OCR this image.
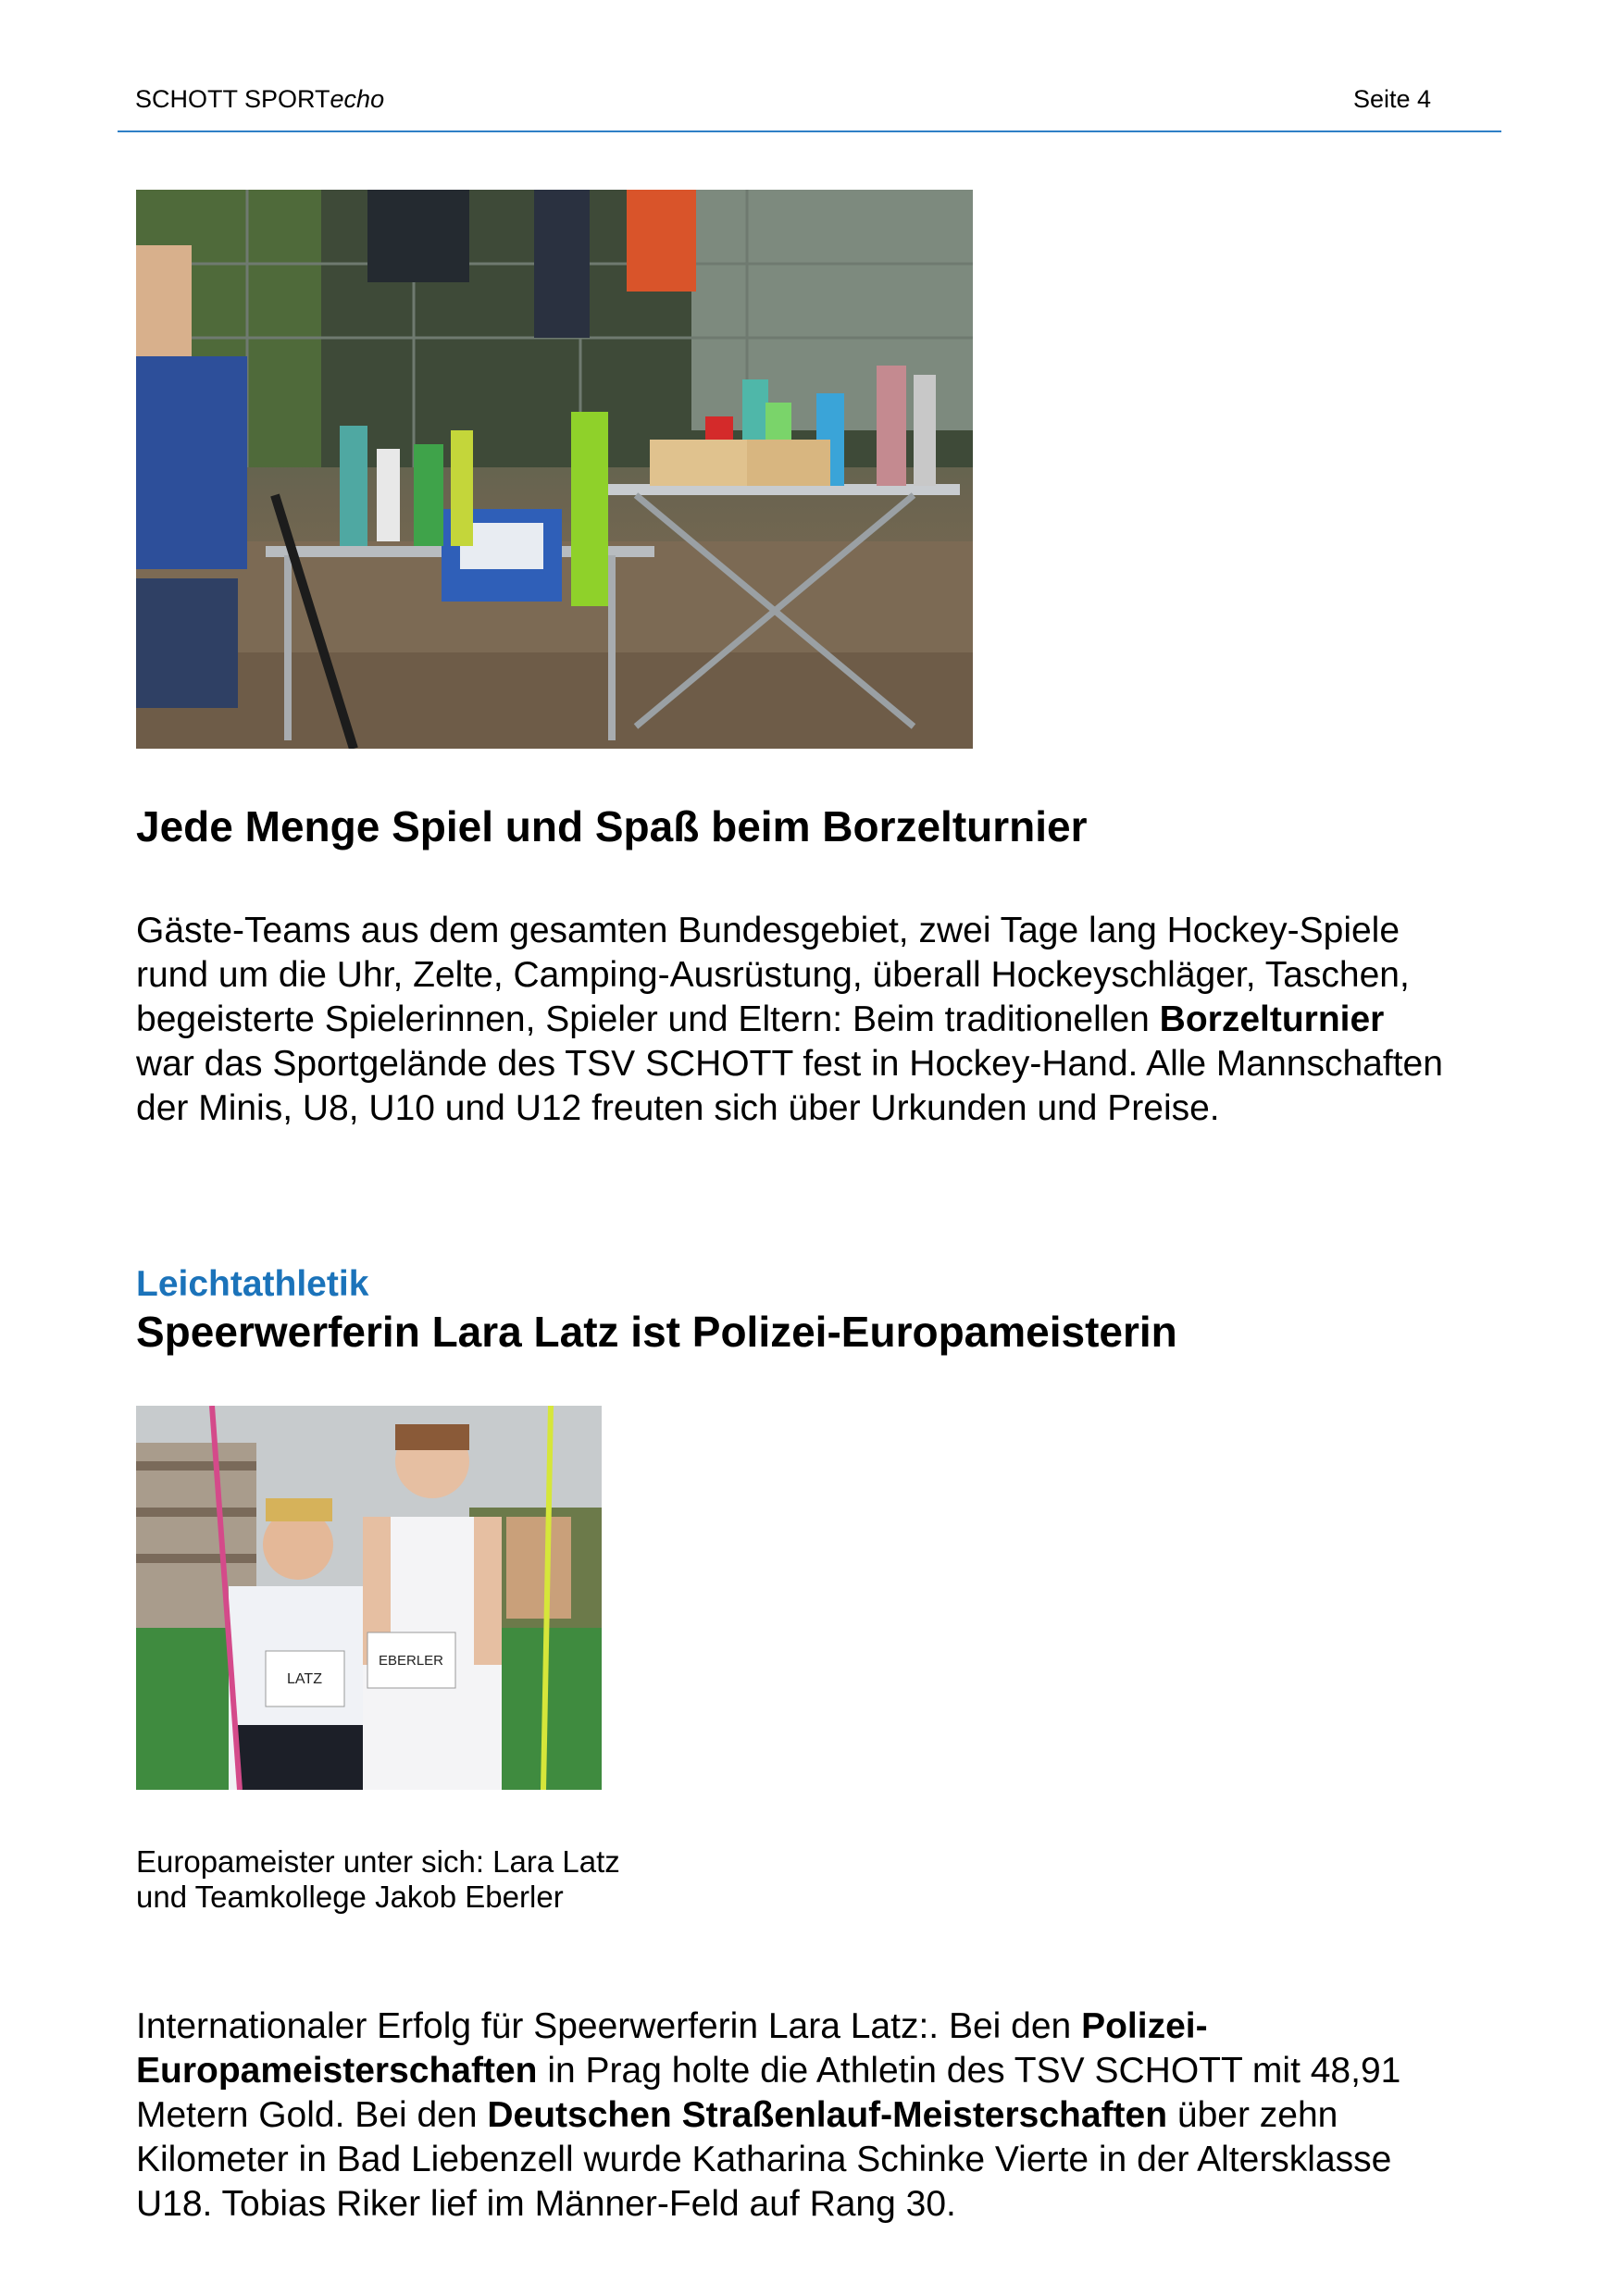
SCHOTT SPORTecho	Seite 4
Jede Menge Spiel und Spaß beim Borzelturnier
Gäste-Teams aus dem gesamten Bundesgebiet, zwei Tage lang Hockey-Spiele rund um die Uhr, Zelte, Camping-Ausrüstung, überall Hockeyschläger, Taschen, begeisterte Spielerinnen, Spieler und Eltern: Beim traditionellen Borzelturnier war das Sportgelände des TSV SCHOTT fest in Hockey-Hand. Alle Mannschaften der Minis, U8, U10 und U12 freuten sich über Urkunden und Preise.
Leichtathletik
Speerwerferin Lara Latz ist Polizei-Europameisterin
LATZ
EBERLER
Europameister unter sich: Lara Latz
und Teamkollege Jakob Eberler
Internationaler Erfolg für Speerwerferin Lara Latz:. Bei den Polizei-Europameisterschaften in Prag holte die Athletin des TSV SCHOTT mit 48,91 Metern Gold. Bei den Deutschen Straßenlauf-Meisterschaften über zehn Kilometer in Bad Liebenzell wurde Katharina Schinke Vierte in der Altersklasse U18. Tobias Riker lief im Männer-Feld auf Rang 30.
